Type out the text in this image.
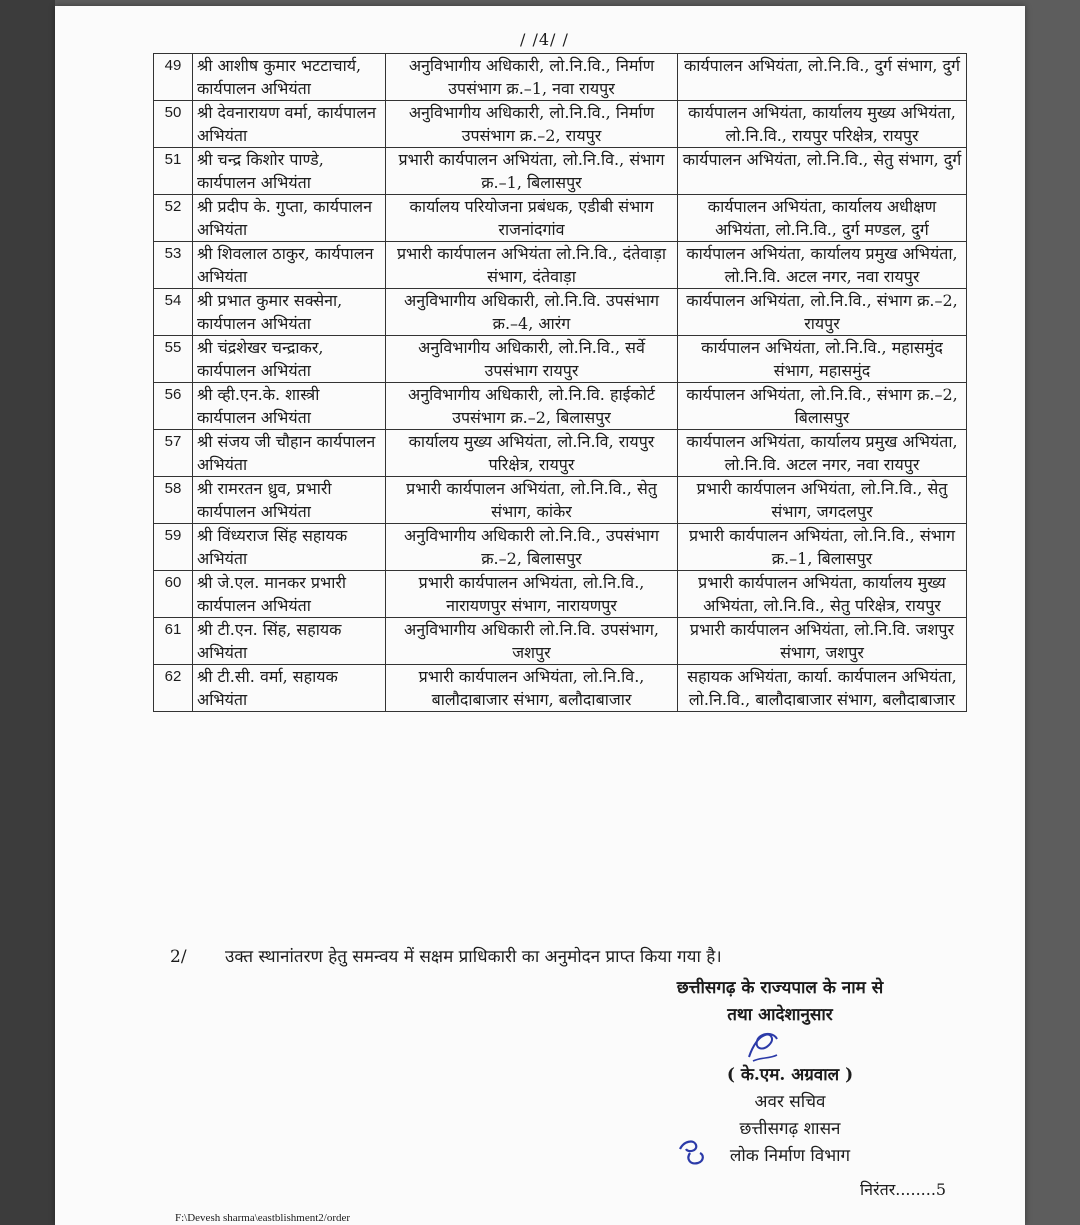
/ /4/ /
49	श्री आशीष कुमार भटटाचार्य, कार्यपालन अभियंता	अनुविभागीय अधिकारी, लो.नि.वि., निर्माण उपसंभाग क्र.–1, नवा रायपुर	कार्यपालन अभियंता, लो.नि.वि., दुर्ग संभाग, दुर्ग
50	श्री देवनारायण वर्मा, कार्यपालन अभियंता	अनुविभागीय अधिकारी, लो.नि.वि., निर्माण उपसंभाग क्र.–2, रायपुर	कार्यपालन अभियंता, कार्यालय मुख्य अभियंता, लो.नि.वि., रायपुर परिक्षेत्र, रायपुर
51	श्री चन्द्र किशोर पाण्डे, कार्यपालन अभियंता	प्रभारी कार्यपालन अभियंता, लो.नि.वि., संभाग क्र.–1, बिलासपुर	कार्यपालन अभियंता, लो.नि.वि., सेतु संभाग, दुर्ग
52	श्री प्रदीप के. गुप्ता, कार्यपालन अभियंता	कार्यालय परियोजना प्रबंधक, एडीबी संभाग राजनांदगांव	कार्यपालन अभियंता, कार्यालय अधीक्षण अभियंता, लो.नि.वि., दुर्ग मण्डल, दुर्ग
53	श्री शिवलाल ठाकुर, कार्यपालन अभियंता	प्रभारी कार्यपालन अभियंता लो.नि.वि., दंतेवाड़ा संभाग, दंतेवाड़ा	कार्यपालन अभियंता, कार्यालय प्रमुख अभियंता, लो.नि.वि. अटल नगर, नवा रायपुर
54	श्री प्रभात कुमार सक्सेना, कार्यपालन अभियंता	अनुविभागीय अधिकारी, लो.नि.वि. उपसंभाग क्र.–4, आरंग	कार्यपालन अभियंता, लो.नि.वि., संभाग क्र.–2, रायपुर
55	श्री चंद्रशेखर चन्द्राकर, कार्यपालन अभियंता	अनुविभागीय अधिकारी, लो.नि.वि., सर्वे उपसंभाग रायपुर	कार्यपालन अभियंता, लो.नि.वि., महासमुंद संभाग, महासमुंद
56	श्री व्ही.एन.के. शास्त्री कार्यपालन अभियंता	अनुविभागीय अधिकारी, लो.नि.वि. हाईकोर्ट उपसंभाग क्र.–2, बिलासपुर	कार्यपालन अभियंता, लो.नि.वि., संभाग क्र.–2, बिलासपुर
57	श्री संजय जी चौहान कार्यपालन अभियंता	कार्यालय मुख्य अभियंता, लो.नि.वि, रायपुर परिक्षेत्र, रायपुर	कार्यपालन अभियंता, कार्यालय प्रमुख अभियंता, लो.नि.वि. अटल नगर, नवा रायपुर
58	श्री रामरतन ध्रुव, प्रभारी कार्यपालन अभियंता	प्रभारी कार्यपालन अभियंता, लो.नि.वि., सेतु संभाग, कांकेर	प्रभारी कार्यपालन अभियंता, लो.नि.वि., सेतु संभाग, जगदलपुर
59	श्री विंध्यराज सिंह सहायक अभियंता	अनुविभागीय अधिकारी लो.नि.वि., उपसंभाग क्र.–2, बिलासपुर	प्रभारी कार्यपालन अभियंता, लो.नि.वि., संभाग क्र.–1, बिलासपुर
60	श्री जे.एल. मानकर प्रभारी कार्यपालन अभियंता	प्रभारी कार्यपालन अभियंता, लो.नि.वि., नारायणपुर संभाग, नारायणपुर	प्रभारी कार्यपालन अभियंता, कार्यालय मुख्य अभियंता, लो.नि.वि., सेतु परिक्षेत्र, रायपुर
61	श्री टी.एन. सिंह, सहायक अभियंता	अनुविभागीय अधिकारी लो.नि.वि. उपसंभाग, जशपुर	प्रभारी कार्यपालन अभियंता, लो.नि.वि. जशपुर संभाग, जशपुर
62	श्री टी.सी. वर्मा, सहायक अभियंता	प्रभारी कार्यपालन अभियंता, लो.नि.वि., बालौदाबाजार संभाग, बलौदाबाजार	सहायक अभियंता, कार्या. कार्यपालन अभियंता, लो.नि.वि., बालौदाबाजार संभाग, बलौदाबाजार
2/ उक्त स्थानांतरण हेतु समन्वय में सक्षम प्राधिकारी का अनुमोदन प्राप्त किया गया है।
छत्तीसगढ़ के राज्यपाल के नाम से
तथा आदेशानुसार
( के.एम. अग्रवाल )
अवर सचिव
छत्तीसगढ़ शासन
लोक निर्माण विभाग
निरंतर........5
F:\Devesh sharma\eastblishment2/order
